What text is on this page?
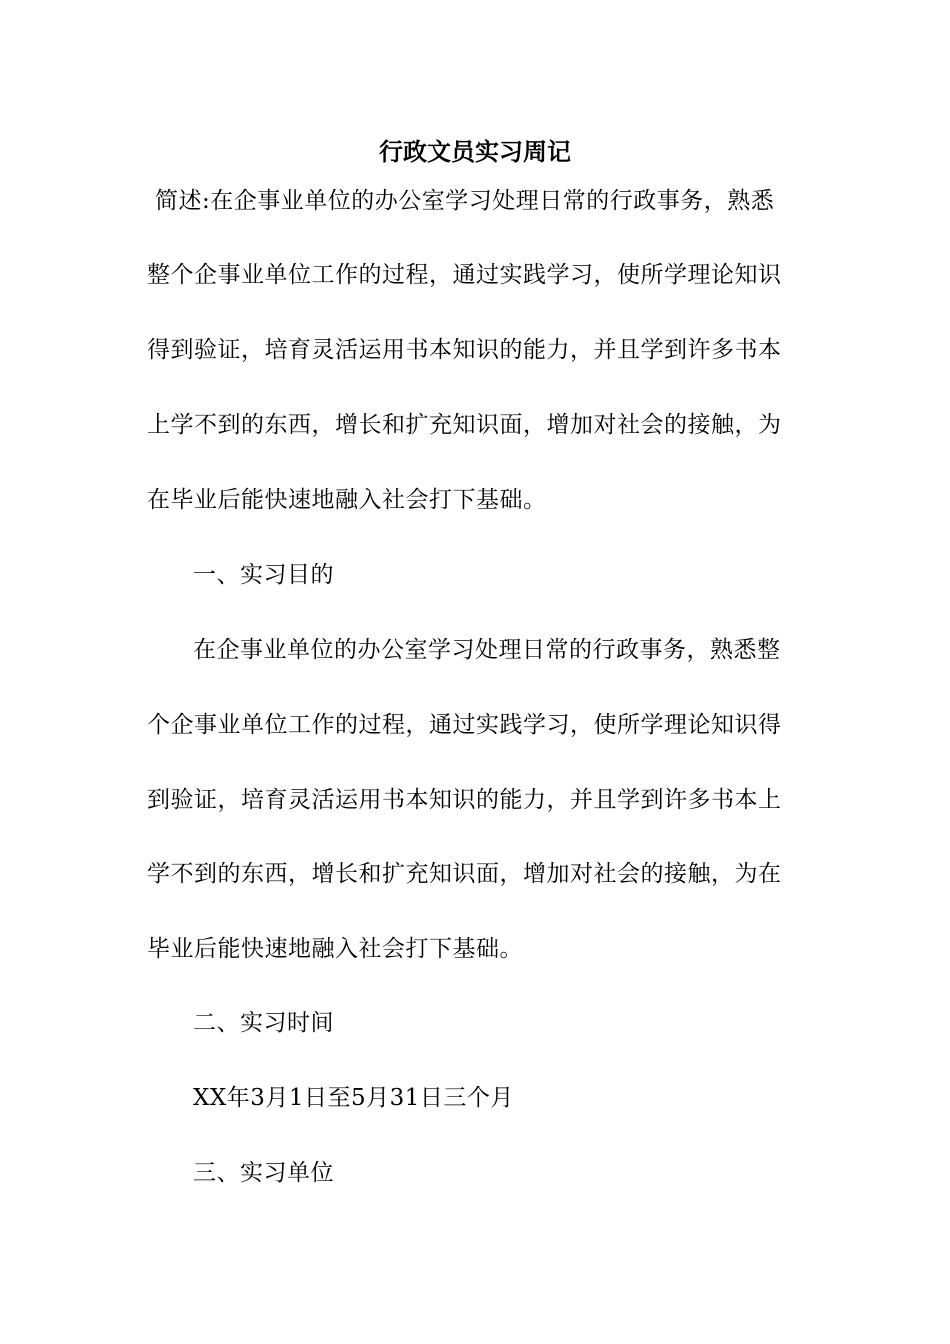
行政文员实习周记
简述:在企事业单位的办公室学习处理日常的行政事务，熟悉
整个企事业单位工作的过程，通过实践学习，使所学理论知识
得到验证，培育灵活运用书本知识的能力，并且学到许多书本
上学不到的东西，增长和扩充知识面，增加对社会的接触，为
在毕业后能快速地融入社会打下基础。
一、实习目的
在企事业单位的办公室学习处理日常的行政事务，熟悉整
个企事业单位工作的过程，通过实践学习，使所学理论知识得
到验证，培育灵活运用书本知识的能力，并且学到许多书本上
学不到的东西，增长和扩充知识面，增加对社会的接触，为在
毕业后能快速地融入社会打下基础。
二、实习时间
XX年3月1日至5月31日三个月
三、实习单位
